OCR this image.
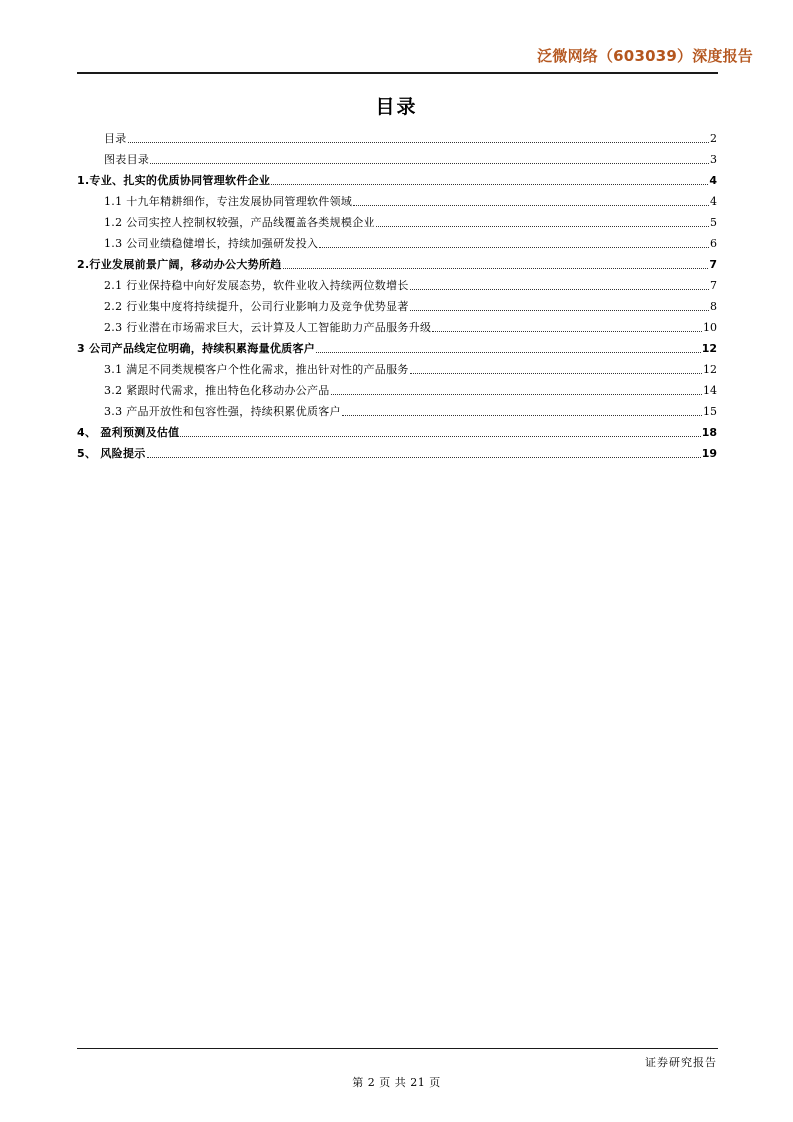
泛微网络（603039）深度报告
目录
目录	2
图表目录	3
1.专业、扎实的优质协同管理软件企业	4
1.1 十九年精耕细作，专注发展协同管理软件领域	4
1.2 公司实控人控制权较强，产品线覆盖各类规模企业	5
1.3 公司业绩稳健增长，持续加强研发投入	6
2.行业发展前景广阔，移动办公大势所趋	7
2.1 行业保持稳中向好发展态势，软件业收入持续两位数增长	7
2.2 行业集中度将持续提升，公司行业影响力及竞争优势显著	8
2.3 行业潜在市场需求巨大，云计算及人工智能助力产品服务升级	10
3 公司产品线定位明确，持续积累海量优质客户	12
3.1 满足不同类规模客户个性化需求，推出针对性的产品服务	12
3.2 紧跟时代需求，推出特色化移动办公产品	14
3.3 产品开放性和包容性强，持续积累优质客户	15
4、 盈利预测及估值	18
5、 风险提示	19
证券研究报告
第 2 页 共 21 页
